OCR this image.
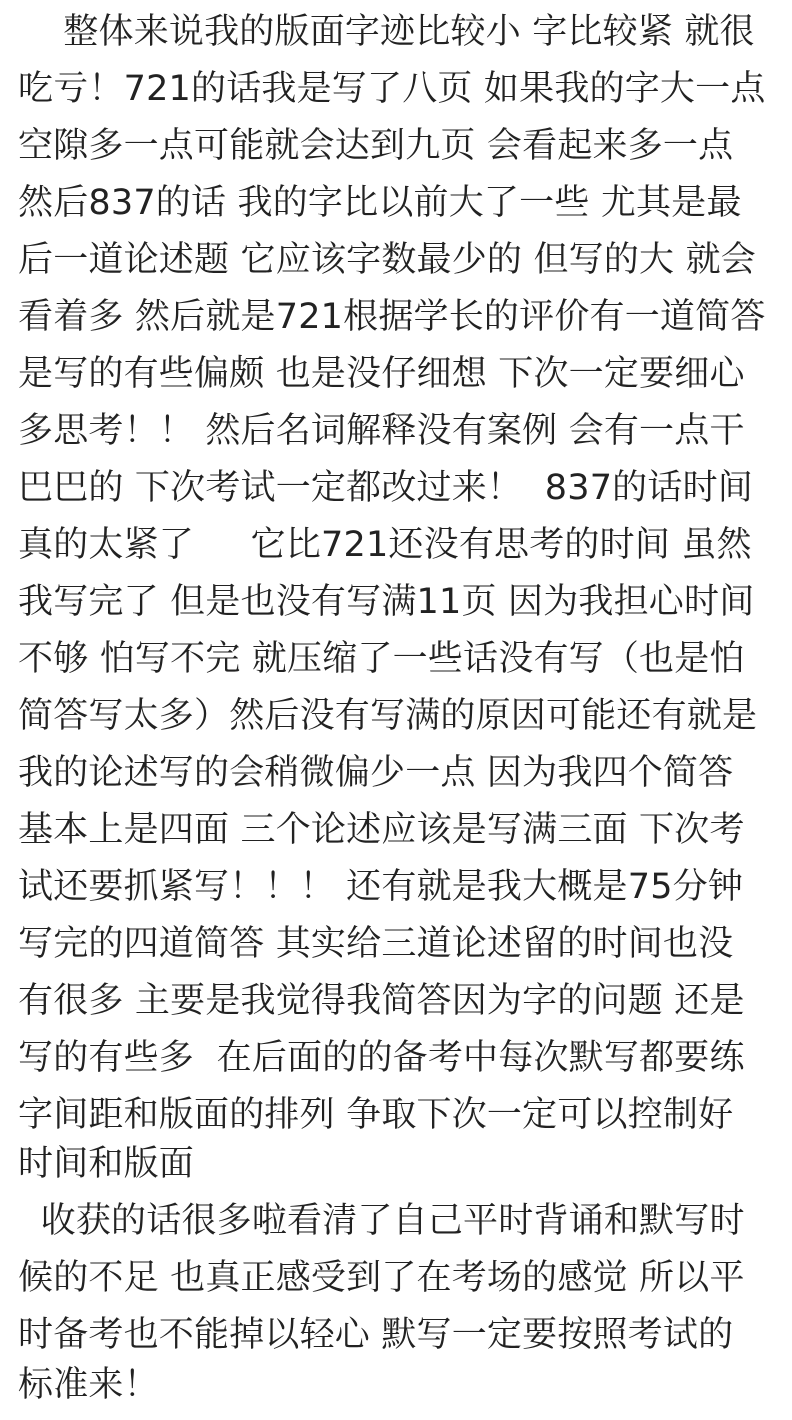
整体来说我的版面字迹比较小 字比较紧 就很
吃亏！721的话我是写了八页 如果我的字大一点
空隙多一点可能就会达到九页 会看起来多一点
然后837的话 我的字比以前大了一些 尤其是最
后一道论述题 它应该字数最少的 但写的大 就会
看着多 然后就是721根据学长的评价有一道简答
是写的有些偏颇 也是没仔细想 下次一定要细心
多思考！！ 然后名词解释没有案例 会有一点干
巴巴的 下次考试一定都改过来！  837的话时间
真的太紧了     它比721还没有思考的时间 虽然
我写完了 但是也没有写满11页 因为我担心时间
不够 怕写不完 就压缩了一些话没有写（也是怕
简答写太多）然后没有写满的原因可能还有就是
我的论述写的会稍微偏少一点 因为我四个简答
基本上是四面 三个论述应该是写满三面 下次考
试还要抓紧写！！！ 还有就是我大概是75分钟
写完的四道简答 其实给三道论述留的时间也没
有很多 主要是我觉得我简答因为字的问题 还是
写的有些多  在后面的的备考中每次默写都要练
字间距和版面的排列 争取下次一定可以控制好
时间和版面
收获的话很多啦看清了自己平时背诵和默写时
候的不足 也真正感受到了在考场的感觉 所以平
时备考也不能掉以轻心 默写一定要按照考试的
标准来！
